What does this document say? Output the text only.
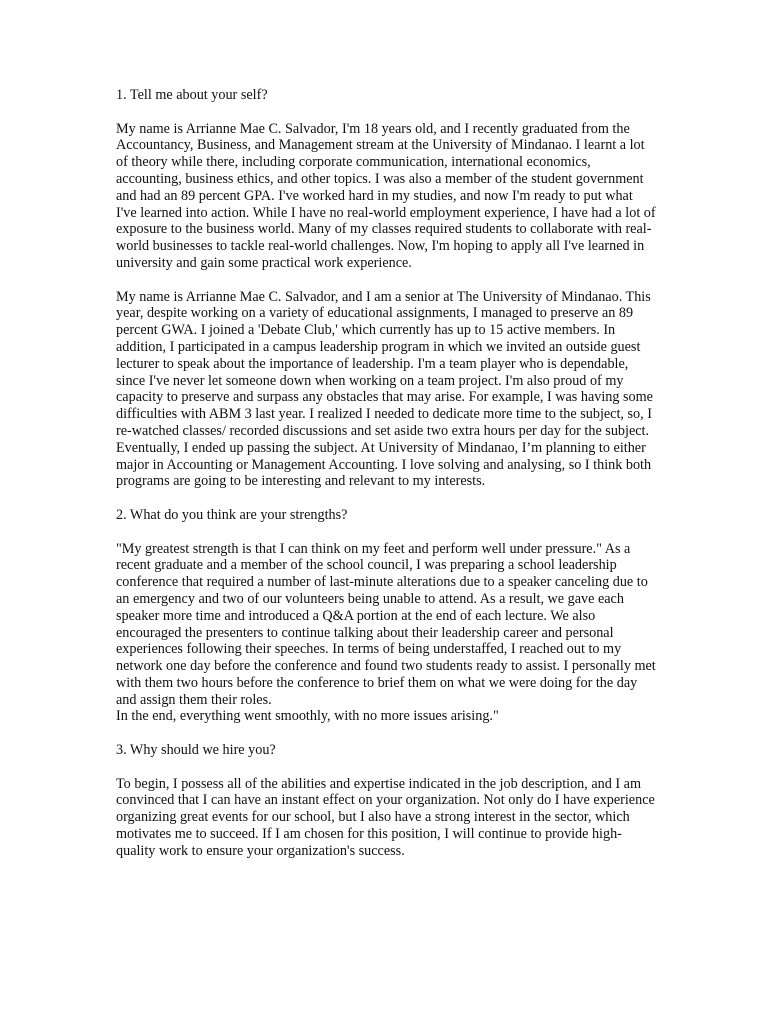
1. Tell me about your self?

My name is Arrianne Mae C. Salvador, I'm 18 years old, and I recently graduated from the Accountancy, Business, and Management stream at the University of Mindanao. I learnt a lot of theory while there, including corporate communication, international economics, accounting, business ethics, and other topics. I was also a member of the student government and had an 89 percent GPA. I've worked hard in my studies, and now I'm ready to put what I've learned into action. While I have no real-world employment experience, I have had a lot of exposure to the business world. Many of my classes required students to collaborate with real-world businesses to tackle real-world challenges. Now, I'm hoping to apply all I've learned in university and gain some practical work experience.

My name is Arrianne Mae C. Salvador, and I am a senior at The University of Mindanao. This year, despite working on a variety of educational assignments, I managed to preserve an 89 percent GWA. I joined a 'Debate Club,' which currently has up to 15 active members. In addition, I participated in a campus leadership program in which we invited an outside guest lecturer to speak about the importance of leadership. I'm a team player who is dependable, since I've never let someone down when working on a team project. I'm also proud of my capacity to preserve and surpass any obstacles that may arise. For example, I was having some difficulties with ABM 3 last year. I realized I needed to dedicate more time to the subject, so, I re-watched classes/ recorded discussions and set aside two extra hours per day for the subject. Eventually, I ended up passing the subject. At University of Mindanao, I’m planning to either major in Accounting or Management Accounting. I love solving and analysing, so I think both programs are going to be interesting and relevant to my interests.

2. What do you think are your strengths?

"My greatest strength is that I can think on my feet and perform well under pressure." As a recent graduate and a member of the school council, I was preparing a school leadership conference that required a number of last-minute alterations due to a speaker canceling due to an emergency and two of our volunteers being unable to attend. As a result, we gave each speaker more time and introduced a Q&A portion at the end of each lecture. We also encouraged the presenters to continue talking about their leadership career and personal experiences following their speeches. In terms of being understaffed, I reached out to my network one day before the conference and found two students ready to assist. I personally met with them two hours before the conference to brief them on what we were doing for the day and assign them their roles.

In the end, everything went smoothly, with no more issues arising."

3. Why should we hire you?

To begin, I possess all of the abilities and expertise indicated in the job description, and I am convinced that I can have an instant effect on your organization. Not only do I have experience organizing great events for our school, but I also have a strong interest in the sector, which motivates me to succeed. If I am chosen for this position, I will continue to provide high-quality work to ensure your organization's success.
